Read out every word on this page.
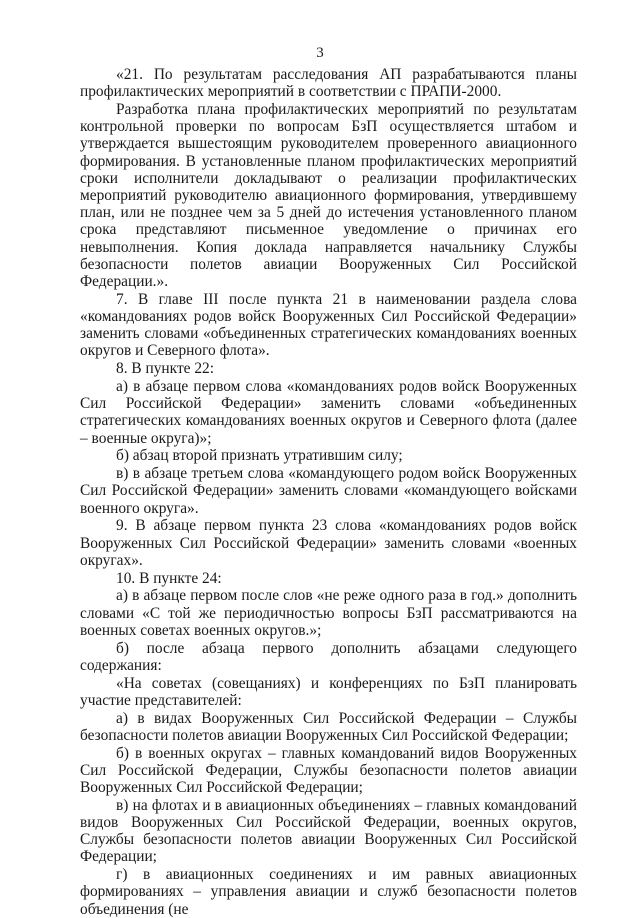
3

«21. По результатам расследования АП разрабатываются планы профилактических мероприятий в соответствии с ПРАПИ-2000.

Разработка плана профилактических мероприятий по результатам контрольной проверки по вопросам БзП осуществляется штабом и утверждается вышестоящим руководителем проверенного авиационного формирования. В установленные планом профилактических мероприятий сроки исполнители докладывают о реализации профилактических мероприятий руководителю авиационного формирования, утвердившему план, или не позднее чем за 5 дней до истечения установленного планом срока представляют письменное уведомление о причинах его невыполнения. Копия доклада направляется начальнику Службы безопасности полетов авиации Вооруженных Сил Российской Федерации.».

7. В главе III после пункта 21 в наименовании раздела слова «командованиях родов войск Вооруженных Сил Российской Федерации» заменить словами «объединенных стратегических командованиях военных округов и Северного флота».

8. В пункте 22:

а) в абзаце первом слова «командованиях родов войск Вооруженных Сил Российской Федерации» заменить словами «объединенных стратегических командованиях военных округов и Северного флота (далее – военные округа)»;

б) абзац второй признать утратившим силу;

в) в абзаце третьем слова «командующего родом войск Вооруженных Сил Российской Федерации» заменить словами «командующего войсками военного округа».

9. В абзаце первом пункта 23 слова «командованиях родов войск Вооруженных Сил Российской Федерации» заменить словами «военных округах».

10. В пункте 24:

а) в абзаце первом после слов «не реже одного раза в год.» дополнить словами «С той же периодичностью вопросы БзП рассматриваются на военных советах военных округов.»;

б) после абзаца первого дополнить абзацами следующего содержания:

«На советах (совещаниях) и конференциях по БзП планировать участие представителей:

а) в видах Вооруженных Сил Российской Федерации – Службы безопасности полетов авиации Вооруженных Сил Российской Федерации;

б) в военных округах – главных командований видов Вооруженных Сил Российской Федерации, Службы безопасности полетов авиации Вооруженных Сил Российской Федерации;

в) на флотах и в авиационных объединениях – главных командований видов Вооруженных Сил Российской Федерации, военных округов, Службы безопасности полетов авиации Вооруженных Сил Российской Федерации;

г) в авиационных соединениях и им равных авиационных формированиях – управления авиации и служб безопасности полетов объединения (не
